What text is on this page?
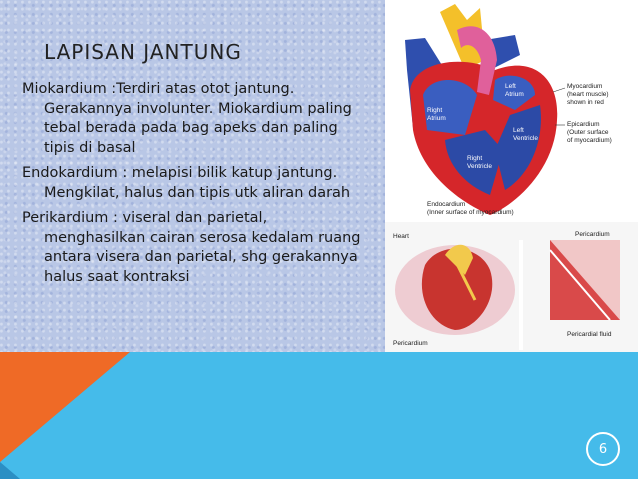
LAPISAN JANTUNG

Miokardium :Terdiri atas otot jantung. Gerakannya involunter. Miokardium paling tebal berada pada bag apeks dan paling tipis di basal

Endokardium : melapisi bilik katup jantung. Mengkilat, halus dan tipis utk aliran darah

Perikardium : viseral dan parietal, menghasilkan cairan serosa kedalam ruang antara visera dan parietal, shg gerakannya halus saat kontraksi

Right
Atrium
Left
Atrium
Left
Ventricle
Right
Ventricle
Myocardium
(heart muscle)
shown in red
Epicardium
(Outer surface
of myocardium)
Endocardium
(Inner surface of myocardium)
Heart
Pericardium
Pericardium
Pericardial fluid
6
